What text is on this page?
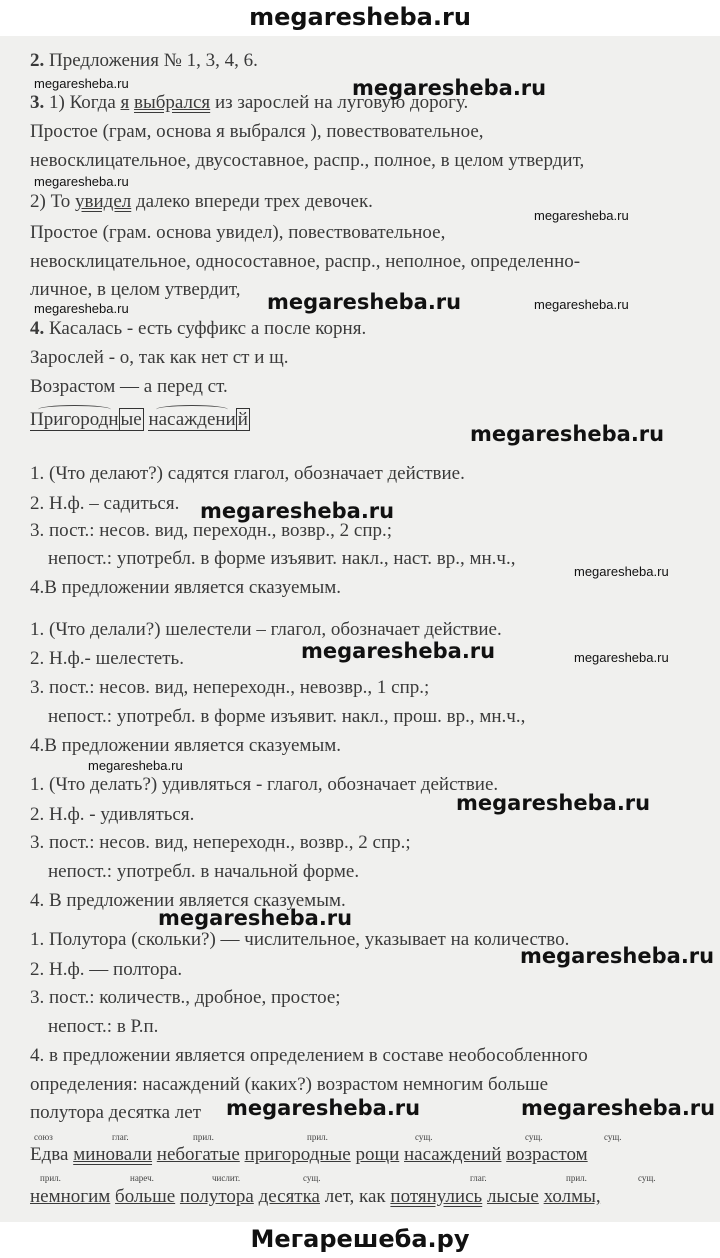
megaresheba.ru
2. Предложения № 1, 3, 4, 6.
3. 1) Когда я выбрался из зарослей на луговую дорогу.
Простое (грам, основа я выбрался ), повествовательное,
невосклицательное, двусоставное, распр., полное, в целом утвердит,
2) То увидел далеко впереди трех девочек.
Простое (грам. основа увидел), повествовательное,
невосклицательное, односоставное, распр., неполное, определенно-
личное, в целом утвердит,
4. Касалась - есть суффикс а после корня.
Зарослей - о, так как нет ст и щ.
Возрастом — а перед ст.
Пригородн ые насаждени й
1. (Что делают?) садятся глагол, обозначает действие.
2. Н.ф. – садиться.
3. пост.: несов. вид, переходн., возвр., 2 спр.;
непост.: употребл. в форме изъявит. накл., наст. вр., мн.ч.,
4.В предложении является сказуемым.
1. (Что делали?) шелестели – глагол, обозначает действие.
2. Н.ф.- шелестеть.
3. пост.: несов. вид, непереходн., невозвр., 1 спр.;
непост.: употребл. в форме изъявит. накл., прош. вр., мн.ч.,
4.В предложении является сказуемым.
1. (Что делать?) удивляться - глагол, обозначает действие.
2. Н.ф. - удивляться.
3. пост.: несов. вид, непереходн., возвр., 2 спр.;
непост.: употребл. в начальной форме.
4. В предложении является сказуемым.
1. Полутора (скольки?) — числительное, указывает на количество.
2. Н.ф. — полтора.
3. пост.: количеств., дробное, простое;
непост.: в Р.п.
4. в предложении является определением в составе необособленного
определения: насаждений (каких?) возрастом немногим больше
полутора десятка лет
союз	глаг.	прил.	прил.	сущ.	сущ.	сущ.
Едва миновали небогатые пригородные рощи насаждений возрастом
прил.	нареч.	числит.	сущ.	глаг.	прил.	сущ.
немногим больше полутора десятка лет, как потянулись лысые холмы,
megaresheba.ru	megaresheba.ru
megaresheba.ru
megaresheba.ru
megaresheba.ru
megaresheba.ru	megaresheba.ru
megaresheba.ru
megaresheba.ru
megaresheba.ru
megaresheba.ru	megaresheba.ru
megaresheba.ru
megaresheba.ru
megaresheba.ru
megaresheba.ru
megaresheba.ru	megaresheba.ru
Мегарешеба.ру
